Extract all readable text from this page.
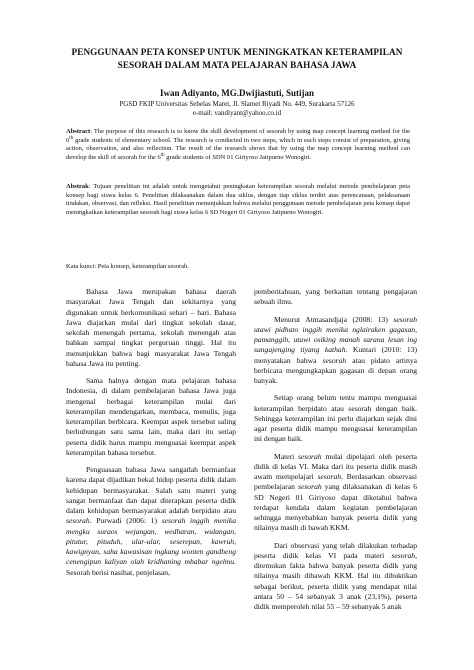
PENGGUNAAN PETA KONSEP UNTUK MENINGKATKAN KETERAMPILAN
SESORAH DALAM MATA PELAJARAN BAHASA JAWA
Iwan Adiyanto, MG.Dwijiastuti, Sutijan
PGSD FKIP Universitas Sebelas Maret, Jl. Slamet Riyadi No. 449, Surakarta 57126
e-mail: vandiyant@yahoo.co.id
Abstract: The purpose of this research is to know the skill development of sesorah by using map concept learning method for the 6th grade students of elementary school. The research is conducted in two steps, which in each steps consist of preparation, giving action, observation, and also reflection. The result of the research shows that by using the map concept learning method can develop the skill of sesorah for the 6th grade students of SDN 01 Giriyoso Jatipurno Wonogiri.
Abstrak: Tujuan penelitian ini adalah untuk mengetahui peningkatan keterampilan sesorah melalui metode pembelajaran peta konsep bagi siswa kelas 6. Penelitian dilaksanakan dalam dua siklus, dengan tiap siklus terdiri atas perencanaan, pelaksanaan tindakan, observasi, dan refleksi. Hasil penelitian menunjukkan bahwa melalui penggunaan metode pembelajaran peta konsep dapat meningkatkan keterampilan sesorah bagi siswa kelas 6 SD Negeri 01 Giriyoso Jatipurno Wonogiri.
Kata kunci: Peta konsep, keterampilan sesorah.

Bahasa Jawa merupakan bahasa daerah masyarakat Jawa Tengah dan sekitarnya yang digunakan untuk berkomunikasi sehari – hari. Bahasa Jawa diajarkan mulai dari tingkat sekolah dasar, sekolah menengah pertama, sekolah menengah atas bahkan sampai tingkat perguruan tinggi. Hal itu menunjukkan bahwa bagi masyarakat Jawa Tengah bahasa Jawa itu penting.

Sama halnya dengan mata pelajaran bahasa Indonesia, di dalam pembelajaran bahasa Jawa juga mengenal berbagai keterampilan mulai dari keterampilan mendengarkan, membaca, menulis, juga keterampilan berbicara. Keempat aspek tersebut saling berhubungan satu sama lain, maka dari itu setiap peserta didik harus mampu menguasai keempat aspek keterampilan bahasa tersebut.

Penguasaan bahasa Jawa sangatlah bermanfaat karena dapat dijadikan bekal hidup peserta didik dalam kehidupan bermasyarakat. Salah satu materi yang sangat bermanfaat dan dapat diterapkan peserta didik dalam kehidupan bermasyarakat adalah berpidato atau sesorah. Purwadi (2006: 1) sesorah inggih menika mengku suraos wejangan, wedharan, wulangan, pitutur, pituduh, ular-ular, seserepan, kawruh, kawignyan, saha kawasisan ingkang wonten gandheng cenengipun kaliyan olah kridhaning mbabar ngelmu. Sesorah berisi nasihat, penjelasan,

pemberitahuan, yang berkaitan tentang pengajaran sebuah ilmu.

Menurut Atmasandjaja (2008: 13) sesorah utawi pidhato inggih menika nglairaken gagasan, pamanggih, utawi osiking manah sarana lesan ing sangajenging tiyang kathah. Kuntari (2010: 13) menyatakan bahwa sesorah atau pidato artinya berbicara mengungkapkan gagasan di depan orang banyak.

Setiap orang belum tentu mampu menguasai keterampilan berpidato atau sesorah dengan baik. Sehingga keterampilan ini perlu diajarkan sejak dini agar peserta didik mampu menguasai keterampilan ini dengan baik.

Materi sesorah mulai dipelajari oleh peserta didik di kelas VI. Maka dari itu peserta didik masih awam mempelajari sesorah. Berdasarkan observasi pembelajaran sesorah yang dilaksanakan di kelas 6 SD Negeri 01 Giriyoso dapat diketahui bahwa terdapat kendala dalam kegiatan pembelajaran sehingga menyebabkan banyak peserta didik yang nilainya masih di bawah KKM.

Dari observasi yang telah dilakukan terhadap peserta didik kelas VI pada materi sesorah, ditemukan fakta bahwa banyak peserta didik yang nilainya masih dibawah KKM. Hal itu dibuktikan sebagai berikut, peserta didik yang mendapat nilai antara 50 – 54 sebanyak 3 anak (23,1%), peserta didik memperoleh nilai 55 – 59 sebanyak 5 anak
